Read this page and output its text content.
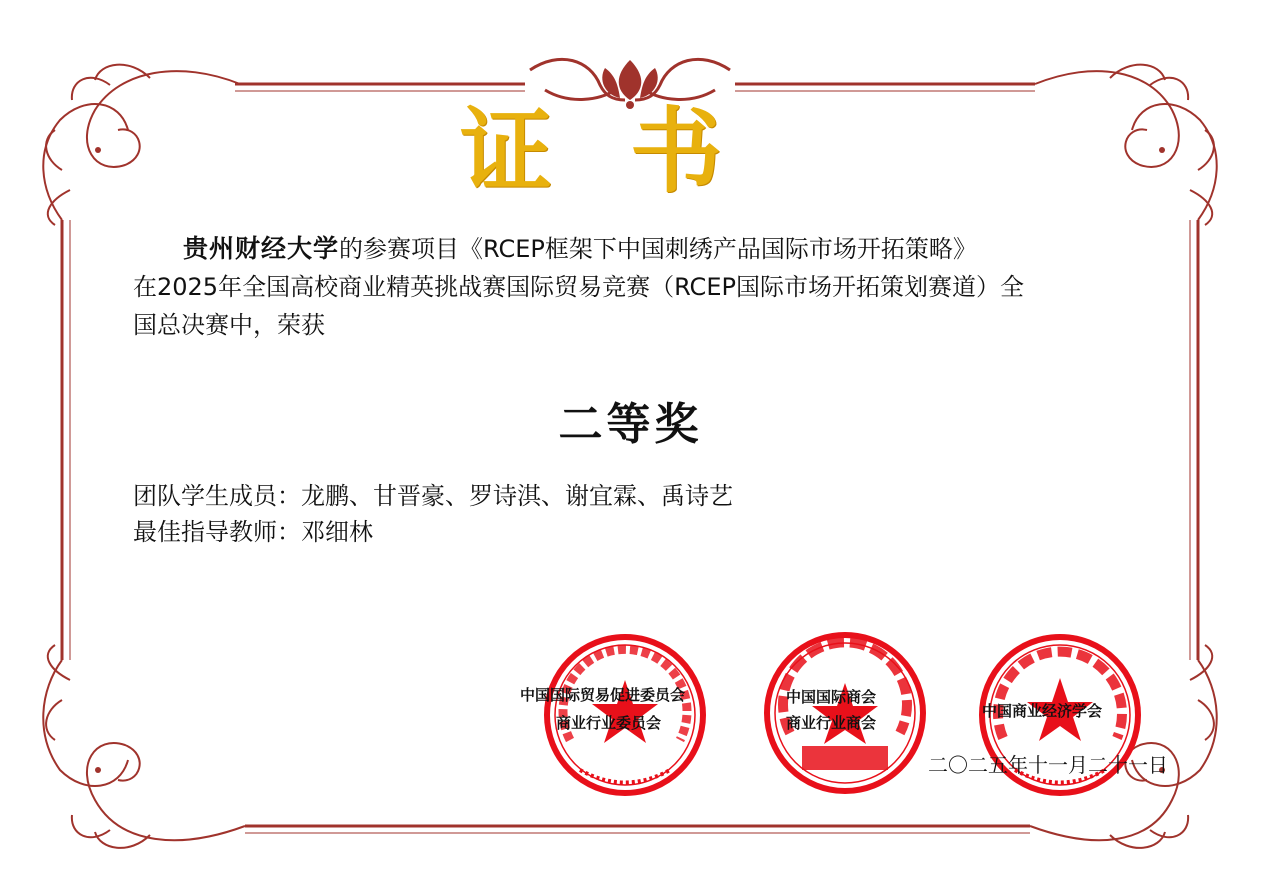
证书
贵州财经大学的参赛项目《RCEP框架下中国刺绣产品国际市场开拓策略》
在2025年全国高校商业精英挑战赛国际贸易竞赛（RCEP国际市场开拓策划赛道）全
国总决赛中，荣获
二等奖
团队学生成员：龙鹏、甘晋豪、罗诗淇、谢宜霖、禹诗艺
最佳指导教师：邓细林
中国国际贸易促进委员会
商业行业委员会
中国国际商会
商业行业商会
中国商业经济学会
二〇二五年十一月二十一日
